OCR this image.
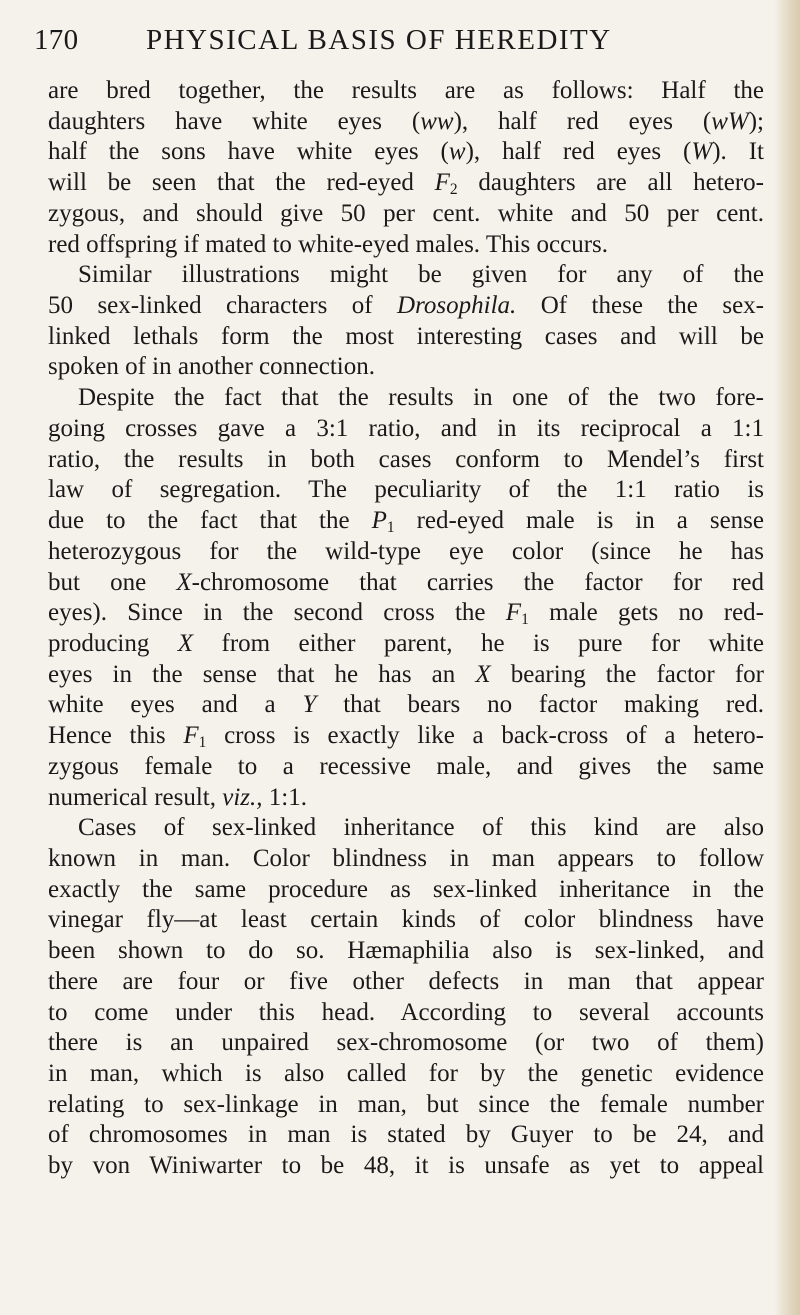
170 PHYSICAL BASIS OF HEREDITY
are bred together, the results are as follows: Half the
daughters have white eyes (ww), half red eyes (wW);
half the sons have white eyes (w), half red eyes (W). It
will be seen that the red-eyed $F_2$ daughters are all hetero-
zygous, and should give 50 per cent. white and 50 per cent.
red offspring if mated to white-eyed males. This occurs.
Similar illustrations might be given for any of the
50 sex-linked characters of Drosophila. Of these the sex-
linked lethals form the most interesting cases and will be
spoken of in another connection.
Despite the fact that the results in one of the two fore-
going crosses gave a 3:1 ratio, and in its reciprocal a 1:1
ratio, the results in both cases conform to Mendel’s first
law of segregation. The peculiarity of the 1:1 ratio is
due to the fact that the $P_1$ red-eyed male is in a sense
heterozygous for the wild-type eye color (since he has
but one X-chromosome that carries the factor for red
eyes). Since in the second cross the $F_1$ male gets no red-
producing X from either parent, he is pure for white
eyes in the sense that he has an X bearing the factor for
white eyes and a Y that bears no factor making red.
Hence this $F_1$ cross is exactly like a back-cross of a hetero-
zygous female to a recessive male, and gives the same
numerical result, viz., 1:1.
Cases of sex-linked inheritance of this kind are also
known in man. Color blindness in man appears to follow
exactly the same procedure as sex-linked inheritance in the
vinegar fly—at least certain kinds of color blindness have
been shown to do so. Hæmaphilia also is sex-linked, and
there are four or five other defects in man that appear
to come under this head. According to several accounts
there is an unpaired sex-chromosome (or two of them)
in man, which is also called for by the genetic evidence
relating to sex-linkage in man, but since the female number
of chromosomes in man is stated by Guyer to be 24, and
by von Winiwarter to be 48, it is unsafe as yet to appeal
